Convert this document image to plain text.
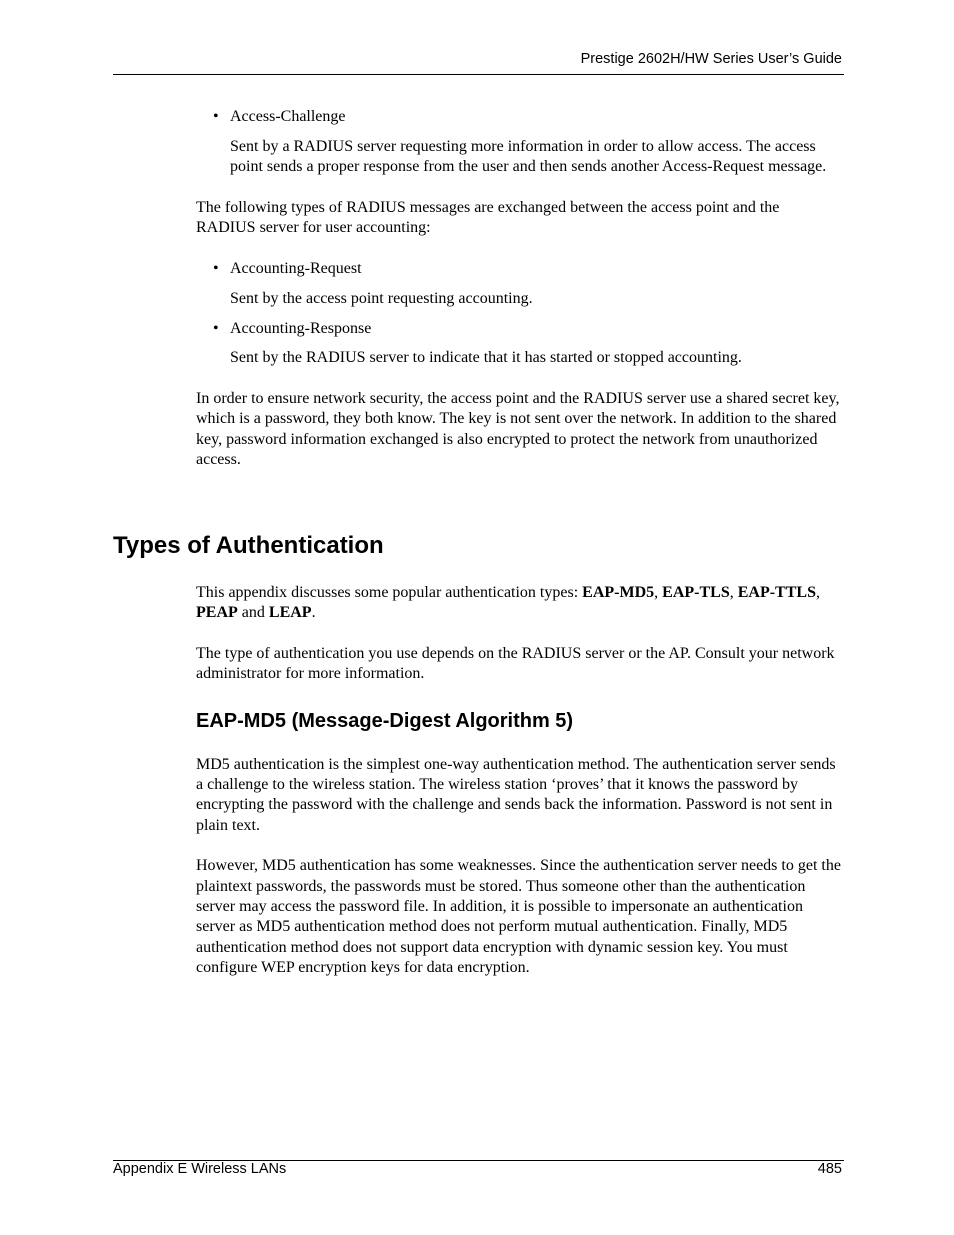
Prestige 2602H/HW Series User’s Guide

• Access-Challenge

Sent by a RADIUS server requesting more information in order to allow access. The access point sends a proper response from the user and then sends another Access-Request message.

The following types of RADIUS messages are exchanged between the access point and the RADIUS server for user accounting:

• Accounting-Request

Sent by the access point requesting accounting.

• Accounting-Response

Sent by the RADIUS server to indicate that it has started or stopped accounting.

In order to ensure network security, the access point and the RADIUS server use a shared secret key, which is a password, they both know. The key is not sent over the network. In addition to the shared key, password information exchanged is also encrypted to protect the network from unauthorized access.

Types of Authentication

This appendix discusses some popular authentication types: EAP-MD5, EAP-TLS, EAP-TTLS, PEAP and LEAP.

The type of authentication you use depends on the RADIUS server or the AP. Consult your network administrator for more information.

EAP-MD5 (Message-Digest Algorithm 5)

MD5 authentication is the simplest one-way authentication method. The authentication server sends a challenge to the wireless station. The wireless station ‘proves’ that it knows the password by encrypting the password with the challenge and sends back the information. Password is not sent in plain text.

However, MD5 authentication has some weaknesses. Since the authentication server needs to get the plaintext passwords, the passwords must be stored. Thus someone other than the authentication server may access the password file. In addition, it is possible to impersonate an authentication server as MD5 authentication method does not perform mutual authentication. Finally, MD5 authentication method does not support data encryption with dynamic session key. You must configure WEP encryption keys for data encryption.

Appendix E Wireless LANs	485
